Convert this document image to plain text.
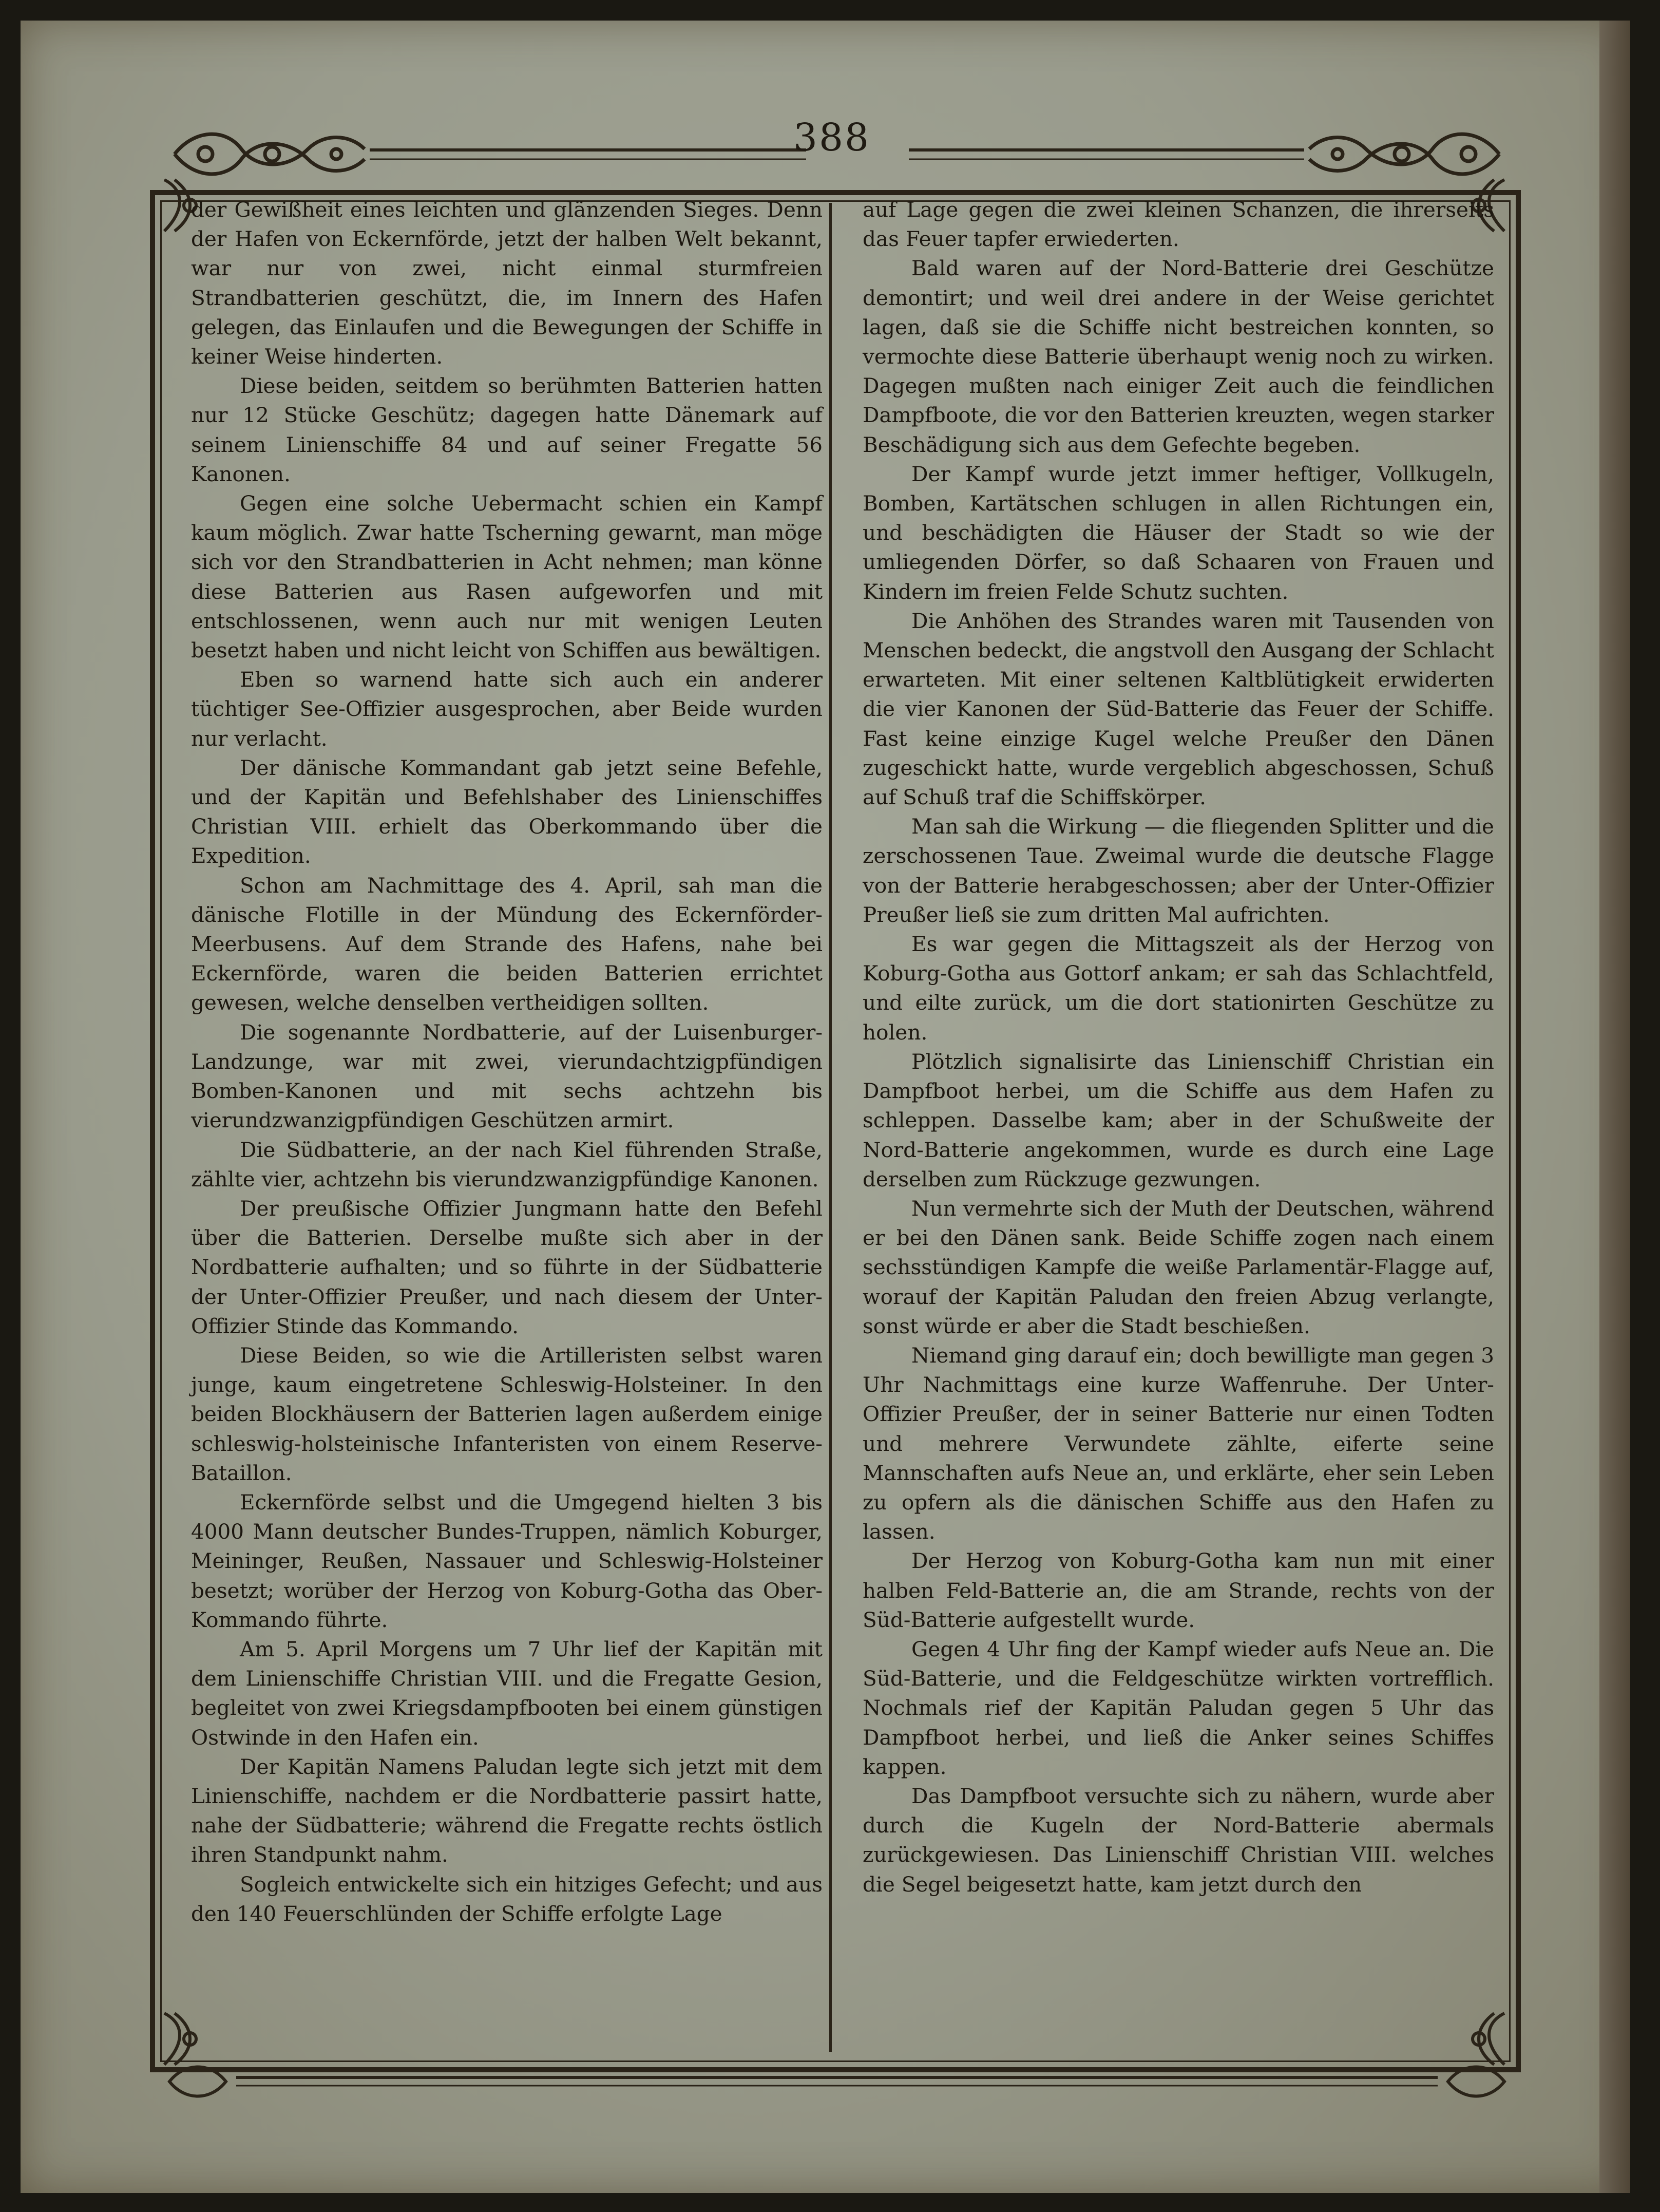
388

der Gewißheit eines leichten und glänzenden Sieges. Denn der Hafen von Eckernförde, jetzt der halben Welt bekannt, war nur von zwei, nicht einmal sturmfreien Strandbatterien geschützt, die, im Innern des Hafen gelegen, das Einlaufen und die Bewegungen der Schiffe in keiner Weise hinderten.

Diese beiden, seitdem so berühmten Batterien hatten nur 12 Stücke Geschütz; dagegen hatte Dänemark auf seinem Linienschiffe 84 und auf seiner Fregatte 56 Kanonen.

Gegen eine solche Uebermacht schien ein Kampf kaum möglich. Zwar hatte Tscherning gewarnt, man möge sich vor den Strandbatterien in Acht nehmen; man könne diese Batterien aus Rasen aufgeworfen und mit entschlossenen, wenn auch nur mit wenigen Leuten besetzt haben und nicht leicht von Schiffen aus bewältigen.

Eben so warnend hatte sich auch ein anderer tüchtiger See-Offizier ausgesprochen, aber Beide wurden nur verlacht.

Der dänische Kommandant gab jetzt seine Befehle, und der Kapitän und Befehlshaber des Linienschiffes Christian VIII. erhielt das Oberkommando über die Expedition.

Schon am Nachmittage des 4. April, sah man die dänische Flotille in der Mündung des Eckernförder-Meerbusens. Auf dem Strande des Hafens, nahe bei Eckernförde, waren die beiden Batterien errichtet gewesen, welche denselben vertheidigen sollten.

Die sogenannte Nordbatterie, auf der Luisenburger-Landzunge, war mit zwei, vierundachtzigpfündigen Bomben-Kanonen und mit sechs achtzehn bis vierundzwanzigpfündigen Geschützen armirt.

Die Südbatterie, an der nach Kiel führenden Straße, zählte vier, achtzehn bis vierundzwanzigpfündige Kanonen.

Der preußische Offizier Jungmann hatte den Befehl über die Batterien. Derselbe mußte sich aber in der Nordbatterie aufhalten; und so führte in der Südbatterie der Unter-Offizier Preußer, und nach diesem der Unter-Offizier Stinde das Kommando.

Diese Beiden, so wie die Artilleristen selbst waren junge, kaum eingetretene Schleswig-Holsteiner. In den beiden Blockhäusern der Batterien lagen außerdem einige schleswig-holsteinische Infanteristen von einem Reserve-Bataillon.

Eckernförde selbst und die Umgegend hielten 3 bis 4000 Mann deutscher Bundes-Truppen, nämlich Koburger, Meininger, Reußen, Nassauer und Schleswig-Holsteiner besetzt; worüber der Herzog von Koburg-Gotha das Ober-Kommando führte.

Am 5. April Morgens um 7 Uhr lief der Kapitän mit dem Linienschiffe Christian VIII. und die Fregatte Gesion, begleitet von zwei Kriegsdampfbooten bei einem günstigen Ostwinde in den Hafen ein.

Der Kapitän Namens Paludan legte sich jetzt mit dem Linienschiffe, nachdem er die Nordbatterie passirt hatte, nahe der Südbatterie; während die Fregatte rechts östlich ihren Standpunkt nahm.

Sogleich entwickelte sich ein hitziges Gefecht; und aus den 140 Feuerschlünden der Schiffe erfolgte Lage

auf Lage gegen die zwei kleinen Schanzen, die ihrerseits das Feuer tapfer erwiederten.

Bald waren auf der Nord-Batterie drei Geschütze demontirt; und weil drei andere in der Weise gerichtet lagen, daß sie die Schiffe nicht bestreichen konnten, so vermochte diese Batterie überhaupt wenig noch zu wirken. Dagegen mußten nach einiger Zeit auch die feindlichen Dampfboote, die vor den Batterien kreuzten, wegen starker Beschädigung sich aus dem Gefechte begeben.

Der Kampf wurde jetzt immer heftiger, Vollkugeln, Bomben, Kartätschen schlugen in allen Richtungen ein, und beschädigten die Häuser der Stadt so wie der umliegenden Dörfer, so daß Schaaren von Frauen und Kindern im freien Felde Schutz suchten.

Die Anhöhen des Strandes waren mit Tausenden von Menschen bedeckt, die angstvoll den Ausgang der Schlacht erwarteten. Mit einer seltenen Kaltblütigkeit erwiderten die vier Kanonen der Süd-Batterie das Feuer der Schiffe. Fast keine einzige Kugel welche Preußer den Dänen zugeschickt hatte, wurde vergeblich abgeschossen, Schuß auf Schuß traf die Schiffskörper.

Man sah die Wirkung — die fliegenden Splitter und die zerschossenen Taue. Zweimal wurde die deutsche Flagge von der Batterie herabgeschossen; aber der Unter-Offizier Preußer ließ sie zum dritten Mal aufrichten.

Es war gegen die Mittagszeit als der Herzog von Koburg-Gotha aus Gottorf ankam; er sah das Schlachtfeld, und eilte zurück, um die dort stationirten Geschütze zu holen.

Plötzlich signalisirte das Linienschiff Christian ein Dampfboot herbei, um die Schiffe aus dem Hafen zu schleppen. Dasselbe kam; aber in der Schußweite der Nord-Batterie angekommen, wurde es durch eine Lage derselben zum Rückzuge gezwungen.

Nun vermehrte sich der Muth der Deutschen, während er bei den Dänen sank. Beide Schiffe zogen nach einem sechsstündigen Kampfe die weiße Parlamentär-Flagge auf, worauf der Kapitän Paludan den freien Abzug verlangte, sonst würde er aber die Stadt beschießen.

Niemand ging darauf ein; doch bewilligte man gegen 3 Uhr Nachmittags eine kurze Waffenruhe. Der Unter-Offizier Preußer, der in seiner Batterie nur einen Todten und mehrere Verwundete zählte, eiferte seine Mannschaften aufs Neue an, und erklärte, eher sein Leben zu opfern als die dänischen Schiffe aus den Hafen zu lassen.

Der Herzog von Koburg-Gotha kam nun mit einer halben Feld-Batterie an, die am Strande, rechts von der Süd-Batterie aufgestellt wurde.

Gegen 4 Uhr fing der Kampf wieder aufs Neue an. Die Süd-Batterie, und die Feldgeschütze wirkten vortrefflich. Nochmals rief der Kapitän Paludan gegen 5 Uhr das Dampfboot herbei, und ließ die Anker seines Schiffes kappen.

Das Dampfboot versuchte sich zu nähern, wurde aber durch die Kugeln der Nord-Batterie abermals zurückgewiesen. Das Linienschiff Christian VIII. welches die Segel beigesetzt hatte, kam jetzt durch den
